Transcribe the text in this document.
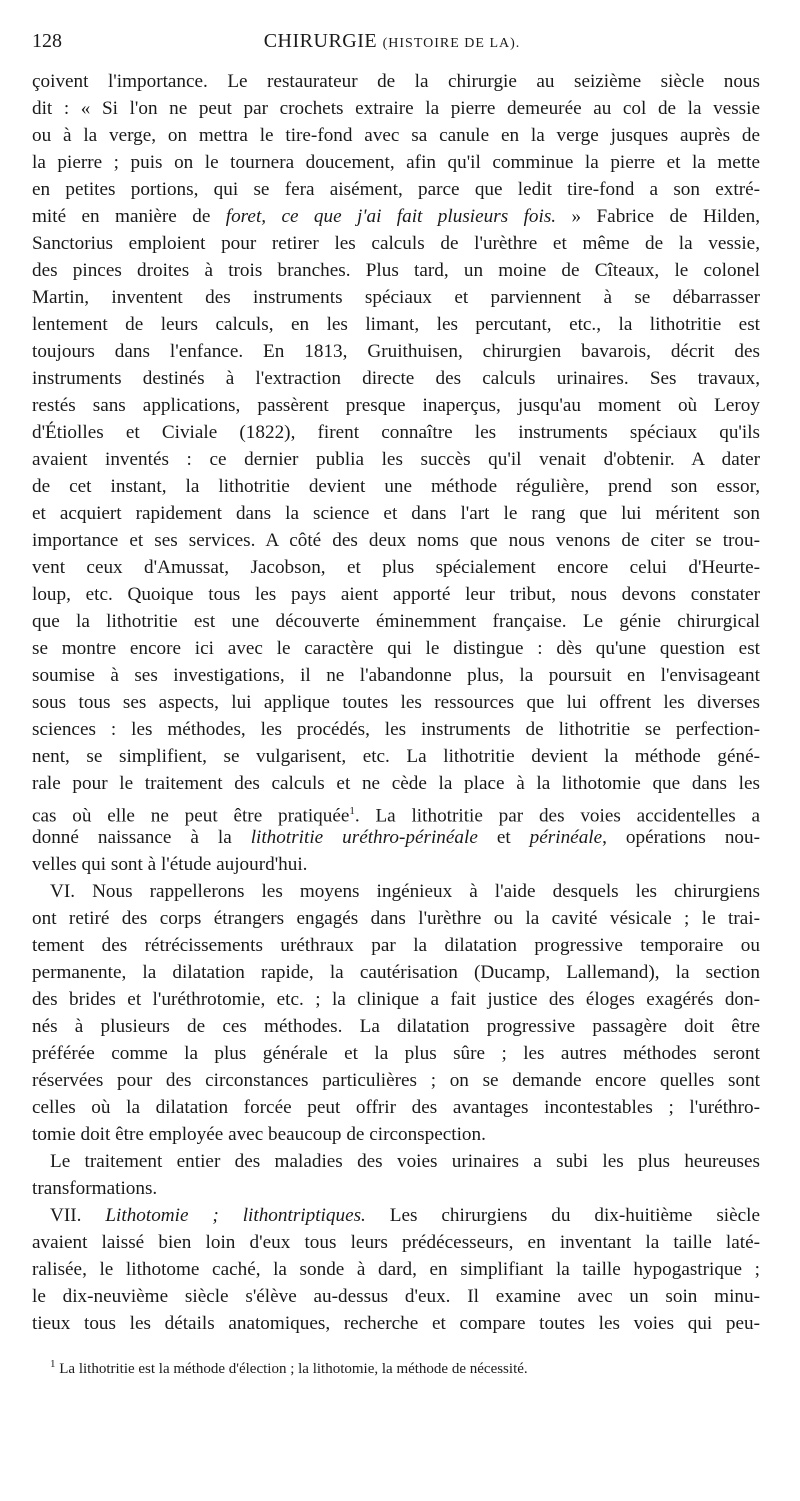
128	CHIRURGIE (HISTOIRE DE LA).
çoivent l'importance. Le restaurateur de la chirurgie au seizième siècle nous
dit : « Si l'on ne peut par crochets extraire la pierre demeurée au col de la vessie
ou à la verge, on mettra le tire-fond avec sa canule en la verge jusques auprès de
la pierre ; puis on le tournera doucement, afin qu'il comminue la pierre et la mette
en petites portions, qui se fera aisément, parce que ledit tire-fond a son extré-
mité en manière de foret, ce que j'ai fait plusieurs fois. » Fabrice de Hilden,
Sanctorius emploient pour retirer les calculs de l'urèthre et même de la vessie,
des pinces droites à trois branches. Plus tard, un moine de Cîteaux, le colonel
Martin, inventent des instruments spéciaux et parviennent à se débarrasser
lentement de leurs calculs, en les limant, les percutant, etc., la lithotritie est
toujours dans l'enfance. En 1813, Gruithuisen, chirurgien bavarois, décrit des
instruments destinés à l'extraction directe des calculs urinaires. Ses travaux,
restés sans applications, passèrent presque inaperçus, jusqu'au moment où Leroy
d'Étiolles et Civiale (1822), firent connaître les instruments spéciaux qu'ils
avaient inventés : ce dernier publia les succès qu'il venait d'obtenir. A dater
de cet instant, la lithotritie devient une méthode régulière, prend son essor,
et acquiert rapidement dans la science et dans l'art le rang que lui méritent son
importance et ses services. A côté des deux noms que nous venons de citer se trou-
vent ceux d'Amussat, Jacobson, et plus spécialement encore celui d'Heurte-
loup, etc. Quoique tous les pays aient apporté leur tribut, nous devons constater
que la lithotritie est une découverte éminemment française. Le génie chirurgical
se montre encore ici avec le caractère qui le distingue : dès qu'une question est
soumise à ses investigations, il ne l'abandonne plus, la poursuit en l'envisageant
sous tous ses aspects, lui applique toutes les ressources que lui offrent les diverses
sciences : les méthodes, les procédés, les instruments de lithotritie se perfection-
nent, se simplifient, se vulgarisent, etc. La lithotritie devient la méthode géné-
rale pour le traitement des calculs et ne cède la place à la lithotomie que dans les
cas où elle ne peut être pratiquée$^1$. La lithotritie par des voies accidentelles a
donné naissance à la lithotritie uréthro-périnéale et périnéale, opérations nou-
velles qui sont à l'étude aujourd'hui.
VI. Nous rappellerons les moyens ingénieux à l'aide desquels les chirurgiens
ont retiré des corps étrangers engagés dans l'urèthre ou la cavité vésicale ; le trai-
tement des rétrécissements uréthraux par la dilatation progressive temporaire ou
permanente, la dilatation rapide, la cautérisation (Ducamp, Lallemand), la section
des brides et l'uréthrotomie, etc. ; la clinique a fait justice des éloges exagérés don-
nés à plusieurs de ces méthodes. La dilatation progressive passagère doit être
préférée comme la plus générale et la plus sûre ; les autres méthodes seront
réservées pour des circonstances particulières ; on se demande encore quelles sont
celles où la dilatation forcée peut offrir des avantages incontestables ; l'uréthro-
tomie doit être employée avec beaucoup de circonspection.
Le traitement entier des maladies des voies urinaires a subi les plus heureuses
transformations.
VII. Lithotomie ; lithontriptiques. Les chirurgiens du dix-huitième siècle
avaient laissé bien loin d'eux tous leurs prédécesseurs, en inventant la taille laté-
ralisée, le lithotome caché, la sonde à dard, en simplifiant la taille hypogastrique ;
le dix-neuvième siècle s'élève au-dessus d'eux. Il examine avec un soin minu-
tieux tous les détails anatomiques, recherche et compare toutes les voies qui peu-
$^1$ La lithotritie est la méthode d'élection ; la lithotomie, la méthode de nécessité.
